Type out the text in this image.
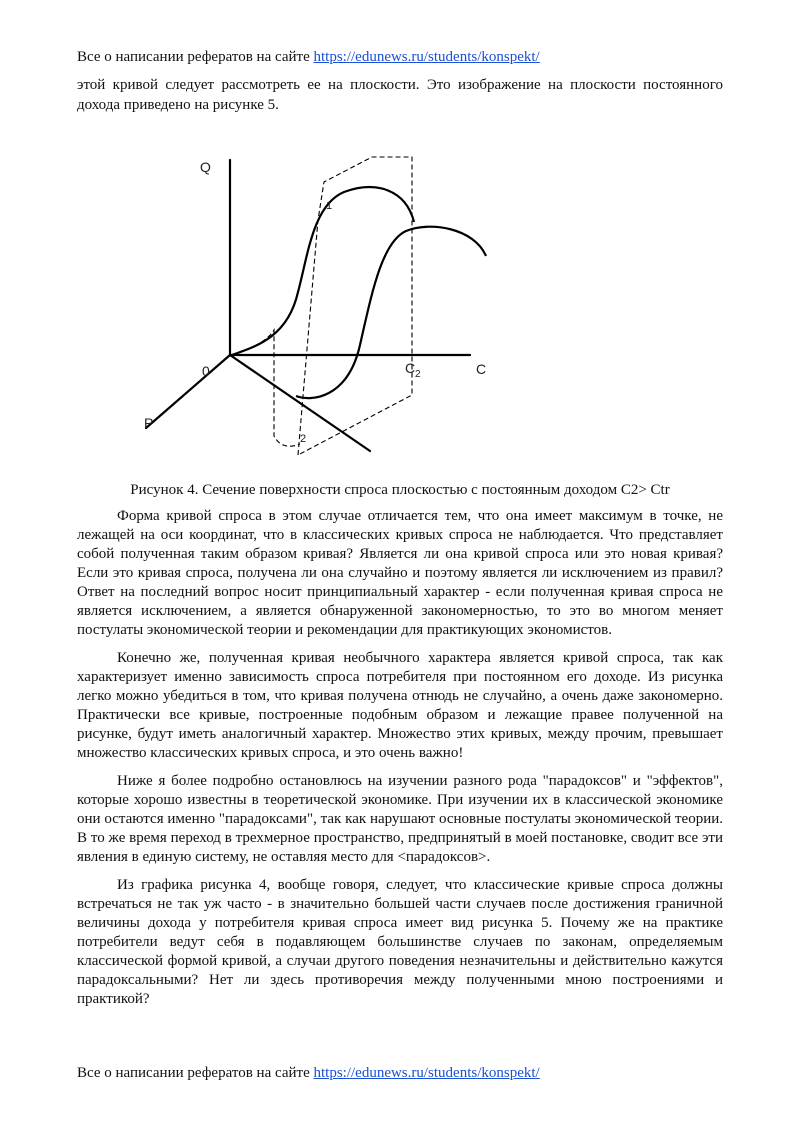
Все о написании рефератов на сайте https://edunews.ru/students/konspekt/

этой кривой следует рассмотреть ее на плоскости. Это изображение на плоскости постоянного дохода приведено на рисунке 5.

Q
0	C
C 2
P
1
2
Рисунок 4. Сечение поверхности спроса плоскостью с постоянным доходом C2> Ctr

Форма кривой спроса в этом случае отличается тем, что она имеет максимум в точке, не лежащей на оси координат, что в классических кривых спроса не наблюдается. Что представляет собой полученная таким образом кривая? Является ли она кривой спроса или это новая кривая? Если это кривая спроса, получена ли она случайно и поэтому является ли исключением из правил? Ответ на последний вопрос носит принципиальный характер - если полученная кривая спроса не является исключением, а является обнаруженной закономерностью, то это во многом меняет постулаты экономической теории и рекомендации для практикующих экономистов.

Конечно же, полученная кривая необычного характера является кривой спроса, так как характеризует именно зависимость спроса потребителя при постоянном его доходе. Из рисунка легко можно убедиться в том, что кривая получена отнюдь не случайно, а очень даже закономерно. Практически все кривые, построенные подобным образом и лежащие правее полученной на рисунке, будут иметь аналогичный характер. Множество этих кривых, между прочим, превышает множество классических кривых спроса, и это очень важно!

Ниже я более подробно остановлюсь на изучении разного рода "парадоксов" и "эффектов", которые хорошо известны в теоретической экономике. При изучении их в классической экономике они остаются именно "парадоксами", так как нарушают основные постулаты экономической теории. В то же время переход в трехмерное пространство, предпринятый в моей постановке, сводит все эти явления в единую систему, не оставляя место для <парадоксов>.

Из графика рисунка 4, вообще говоря, следует, что классические кривые спроса должны встречаться не так уж часто - в значительно большей части случаев после достижения граничной величины дохода у потребителя кривая спроса имеет вид рисунка 5. Почему же на практике потребители ведут себя в подавляющем большинстве случаев по законам, определяемым классической формой кривой, а случаи другого поведения незначительны и действительно кажутся парадоксальными? Нет ли здесь противоречия между полученными мною построениями и практикой?

Все о написании рефератов на сайте https://edunews.ru/students/konspekt/
